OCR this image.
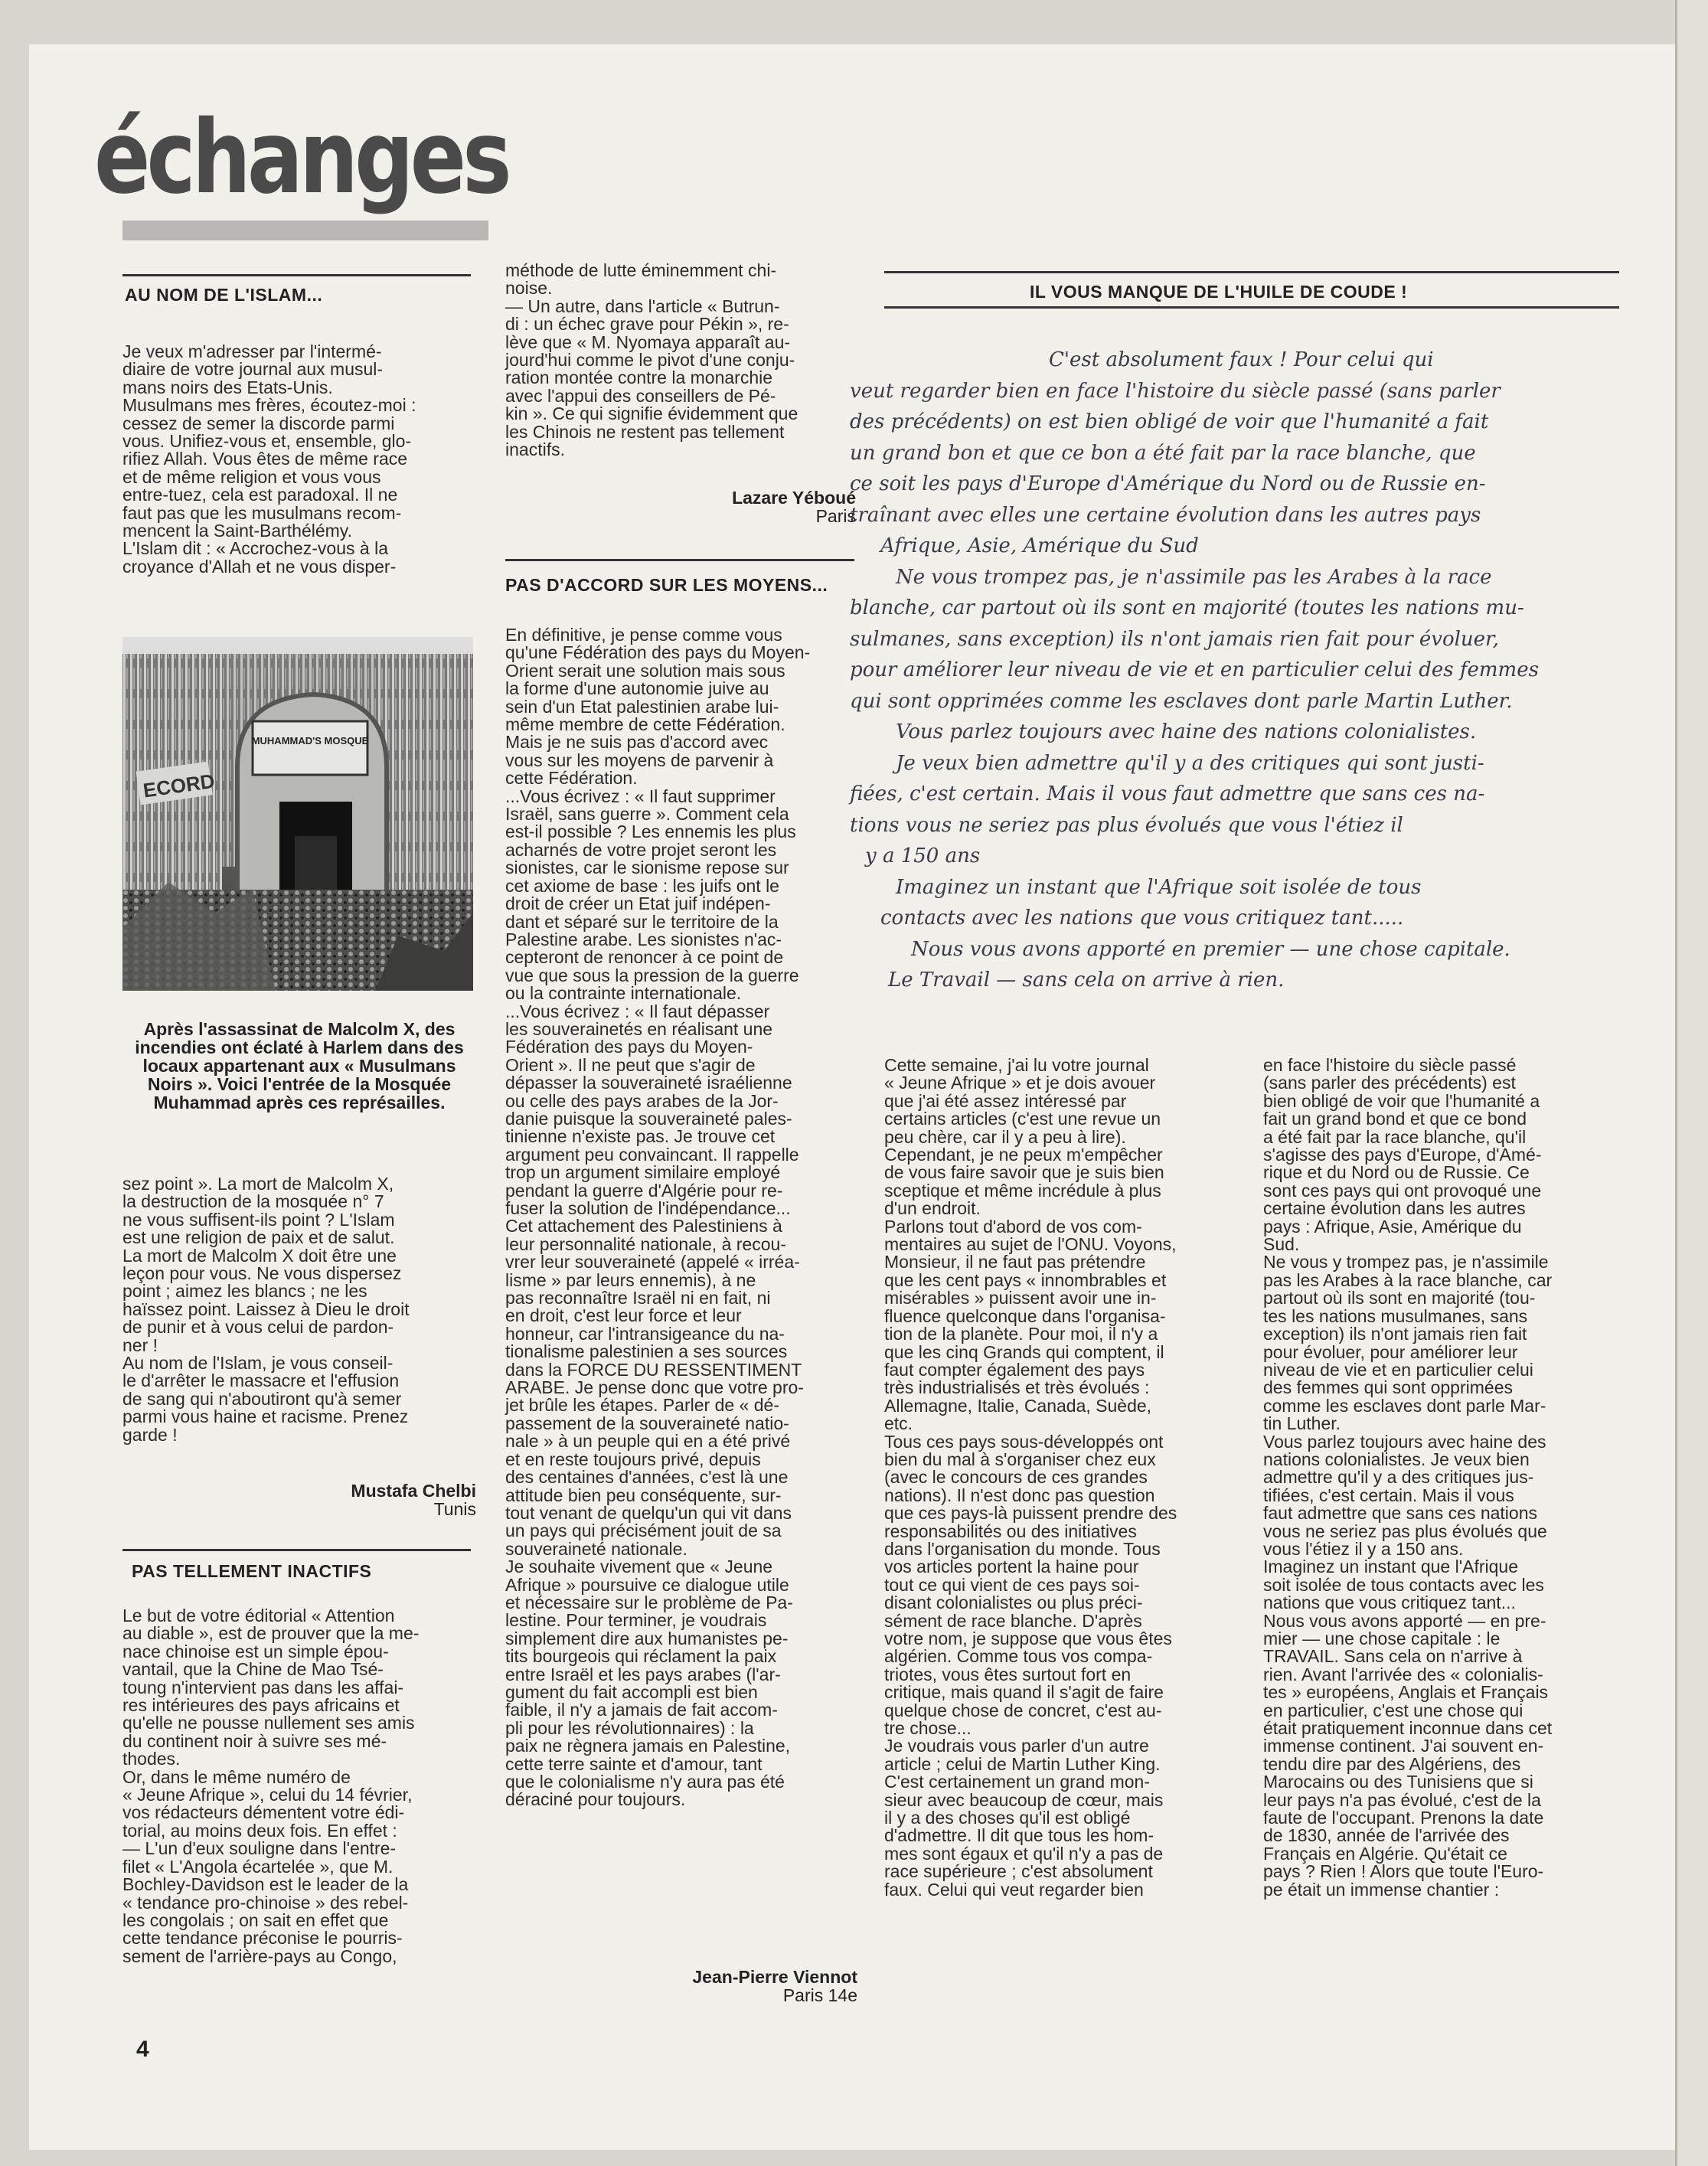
échanges
AU NOM DE L'ISLAM...
Je veux m'adresser par l'intermé-
diaire de votre journal aux musul-
mans noirs des Etats-Unis.
Musulmans mes frères, écoutez-moi :
cessez de semer la discorde parmi
vous. Unifiez-vous et, ensemble, glo-
rifiez Allah. Vous êtes de même race
et de même religion et vous vous
entre-tuez, cela est paradoxal. Il ne
faut pas que les musulmans recom-
mencent la Saint-Barthélémy.
L'Islam dit : « Accrochez-vous à la
croyance d'Allah et ne vous disper-
MUHAMMAD'S MOSQUE
ECORD
Après l'assassinat de Malcolm X, des incendies ont éclaté à Harlem dans des locaux appartenant aux « Musulmans Noirs ». Voici l'entrée de la Mosquée Muhammad après ces représailles.
sez point ». La mort de Malcolm X,
la destruction de la mosquée n° 7
ne vous suffisent-ils point ? L'Islam
est une religion de paix et de salut.
La mort de Malcolm X doit être une
leçon pour vous. Ne vous dispersez
point ; aimez les blancs ; ne les
haïssez point. Laissez à Dieu le droit
de punir et à vous celui de pardon-
ner !
Au nom de l'Islam, je vous conseil-
le d'arrêter le massacre et l'effusion
de sang qui n'aboutiront qu'à semer
parmi vous haine et racisme. Prenez
garde !
Mustafa Chelbi
Tunis
PAS TELLEMENT INACTIFS
Le but de votre éditorial « Attention
au diable », est de prouver que la me-
nace chinoise est un simple épou-
vantail, que la Chine de Mao Tsé-
toung n'intervient pas dans les affai-
res intérieures des pays africains et
qu'elle ne pousse nullement ses amis
du continent noir à suivre ses mé-
thodes.
Or, dans le même numéro de
« Jeune Afrique », celui du 14 février,
vos rédacteurs démentent votre édi-
torial, au moins deux fois. En effet :
— L'un d'eux souligne dans l'entre-
filet « L'Angola écartelée », que M.
Bochley-Davidson est le leader de la
« tendance pro-chinoise » des rebel-
les congolais ; on sait en effet que
cette tendance préconise le pourris-
sement de l'arrière-pays au Congo,
méthode de lutte éminemment chi-
noise.
— Un autre, dans l'article « Butrun-
di : un échec grave pour Pékin », re-
lève que « M. Nyomaya apparaît au-
jourd'hui comme le pivot d'une conju-
ration montée contre la monarchie
avec l'appui des conseillers de Pé-
kin ». Ce qui signifie évidemment que
les Chinois ne restent pas tellement
inactifs.
Lazare Yéboué
Paris
PAS D'ACCORD SUR LES MOYENS...
En définitive, je pense comme vous
qu'une Fédération des pays du Moyen-
Orient serait une solution mais sous
la forme d'une autonomie juive au
sein d'un Etat palestinien arabe lui-
même membre de cette Fédération.
Mais je ne suis pas d'accord avec
vous sur les moyens de parvenir à
cette Fédération.
...Vous écrivez : « Il faut supprimer
Israël, sans guerre ». Comment cela
est-il possible ? Les ennemis les plus
acharnés de votre projet seront les
sionistes, car le sionisme repose sur
cet axiome de base : les juifs ont le
droit de créer un Etat juif indépen-
dant et séparé sur le territoire de la
Palestine arabe. Les sionistes n'ac-
cepteront de renoncer à ce point de
vue que sous la pression de la guerre
ou la contrainte internationale.
...Vous écrivez : « Il faut dépasser
les souverainetés en réalisant une
Fédération des pays du Moyen-
Orient ». Il ne peut que s'agir de
dépasser la souveraineté israélienne
ou celle des pays arabes de la Jor-
danie puisque la souveraineté pales-
tinienne n'existe pas. Je trouve cet
argument peu convaincant. Il rappelle
trop un argument similaire employé
pendant la guerre d'Algérie pour re-
fuser la solution de l'indépendance...
Cet attachement des Palestiniens à
leur personnalité nationale, à recou-
vrer leur souveraineté (appelé « irréa-
lisme » par leurs ennemis), à ne
pas reconnaître Israël ni en fait, ni
en droit, c'est leur force et leur
honneur, car l'intransigeance du na-
tionalisme palestinien a ses sources
dans la FORCE DU RESSENTIMENT
ARABE. Je pense donc que votre pro-
jet brûle les étapes. Parler de « dé-
passement de la souveraineté natio-
nale » à un peuple qui en a été privé
et en reste toujours privé, depuis
des centaines d'années, c'est là une
attitude bien peu conséquente, sur-
tout venant de quelqu'un qui vit dans
un pays qui précisément jouit de sa
souveraineté nationale.
Je souhaite vivement que « Jeune
Afrique » poursuive ce dialogue utile
et nécessaire sur le problème de Pa-
lestine. Pour terminer, je voudrais
simplement dire aux humanistes pe-
tits bourgeois qui réclament la paix
entre Israël et les pays arabes (l'ar-
gument du fait accompli est bien
faible, il n'y a jamais de fait accom-
pli pour les révolutionnaires) : la
paix ne règnera jamais en Palestine,
cette terre sainte et d'amour, tant
que le colonialisme n'y aura pas été
déraciné pour toujours.
Jean-Pierre Viennot
Paris 14e
IL VOUS MANQUE DE L'HUILE DE COUDE !
C'est absolument faux ! Pour celui qui
veut regarder bien en face l'histoire du siècle passé (sans parler
des précédents) on est bien obligé de voir que l'humanité a fait
un grand bon et que ce bon a été fait par la race blanche, que
ce soit les pays d'Europe d'Amérique du Nord ou de Russie en-
traînant avec elles une certaine évolution dans les autres pays
Afrique, Asie, Amérique du Sud
Ne vous trompez pas, je n'assimile pas les Arabes à la race
blanche, car partout où ils sont en majorité (toutes les nations mu-
sulmanes, sans exception) ils n'ont jamais rien fait pour évoluer,
pour améliorer leur niveau de vie et en particulier celui des femmes
qui sont opprimées comme les esclaves dont parle Martin Luther.
Vous parlez toujours avec haine des nations colonialistes.
Je veux bien admettre qu'il y a des critiques qui sont justi-
fiées, c'est certain. Mais il vous faut admettre que sans ces na-
tions vous ne seriez pas plus évolués que vous l'étiez il
y a 150 ans
Imaginez un instant que l'Afrique soit isolée de tous
contacts avec les nations que vous critiquez tant.....
Nous vous avons apporté en premier — une chose capitale.
Le Travail — sans cela on arrive à rien.
Cette semaine, j'ai lu votre journal
« Jeune Afrique » et je dois avouer
que j'ai été assez intéressé par
certains articles (c'est une revue un
peu chère, car il y a peu à lire).
Cependant, je ne peux m'empêcher
de vous faire savoir que je suis bien
sceptique et même incrédule à plus
d'un endroit.
Parlons tout d'abord de vos com-
mentaires au sujet de l'ONU. Voyons,
Monsieur, il ne faut pas prétendre
que les cent pays « innombrables et
misérables » puissent avoir une in-
fluence quelconque dans l'organisa-
tion de la planète. Pour moi, il n'y a
que les cinq Grands qui comptent, il
faut compter également des pays
très industrialisés et très évolués :
Allemagne, Italie, Canada, Suède,
etc.
Tous ces pays sous-développés ont
bien du mal à s'organiser chez eux
(avec le concours de ces grandes
nations). Il n'est donc pas question
que ces pays-là puissent prendre des
responsabilités ou des initiatives
dans l'organisation du monde. Tous
vos articles portent la haine pour
tout ce qui vient de ces pays soi-
disant colonialistes ou plus préci-
sément de race blanche. D'après
votre nom, je suppose que vous êtes
algérien. Comme tous vos compa-
triotes, vous êtes surtout fort en
critique, mais quand il s'agit de faire
quelque chose de concret, c'est au-
tre chose...
Je voudrais vous parler d'un autre
article ; celui de Martin Luther King.
C'est certainement un grand mon-
sieur avec beaucoup de cœur, mais
il y a des choses qu'il est obligé
d'admettre. Il dit que tous les hom-
mes sont égaux et qu'il n'y a pas de
race supérieure ; c'est absolument
faux. Celui qui veut regarder bien
en face l'histoire du siècle passé
(sans parler des précédents) est
bien obligé de voir que l'humanité a
fait un grand bond et que ce bond
a été fait par la race blanche, qu'il
s'agisse des pays d'Europe, d'Amé-
rique et du Nord ou de Russie. Ce
sont ces pays qui ont provoqué une
certaine évolution dans les autres
pays : Afrique, Asie, Amérique du
Sud.
Ne vous y trompez pas, je n'assimile
pas les Arabes à la race blanche, car
partout où ils sont en majorité (tou-
tes les nations musulmanes, sans
exception) ils n'ont jamais rien fait
pour évoluer, pour améliorer leur
niveau de vie et en particulier celui
des femmes qui sont opprimées
comme les esclaves dont parle Mar-
tin Luther.
Vous parlez toujours avec haine des
nations colonialistes. Je veux bien
admettre qu'il y a des critiques jus-
tifiées, c'est certain. Mais il vous
faut admettre que sans ces nations
vous ne seriez pas plus évolués que
vous l'étiez il y a 150 ans.
Imaginez un instant que l'Afrique
soit isolée de tous contacts avec les
nations que vous critiquez tant...
Nous vous avons apporté — en pre-
mier — une chose capitale : le
TRAVAIL. Sans cela on n'arrive à
rien. Avant l'arrivée des « colonialis-
tes » européens, Anglais et Français
en particulier, c'est une chose qui
était pratiquement inconnue dans cet
immense continent. J'ai souvent en-
tendu dire par des Algériens, des
Marocains ou des Tunisiens que si
leur pays n'a pas évolué, c'est de la
faute de l'occupant. Prenons la date
de 1830, année de l'arrivée des
Français en Algérie. Qu'était ce
pays ? Rien ! Alors que toute l'Euro-
pe était un immense chantier :
4
